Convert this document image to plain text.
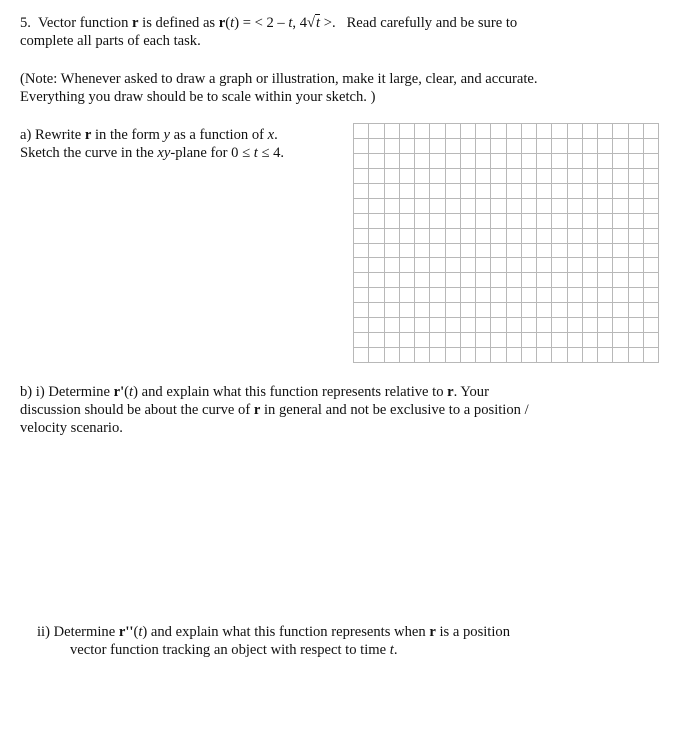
5. Vector function r is defined as r(t) = < 2 – t, 4√t >. Read carefully and be sure to
complete all parts of each task.
(Note: Whenever asked to draw a graph or illustration, make it large, clear, and accurate.
Everything you draw should be to scale within your sketch. )
a) Rewrite r in the form y as a function of x.
Sketch the curve in the xy-plane for 0 ≤ t ≤ 4.
b) i) Determine r'(t) and explain what this function represents relative to r. Your
discussion should be about the curve of r in general and not be exclusive to a position /
velocity scenario.
ii) Determine r''(t) and explain what this function represents when r is a position
vector function tracking an object with respect to time t.
